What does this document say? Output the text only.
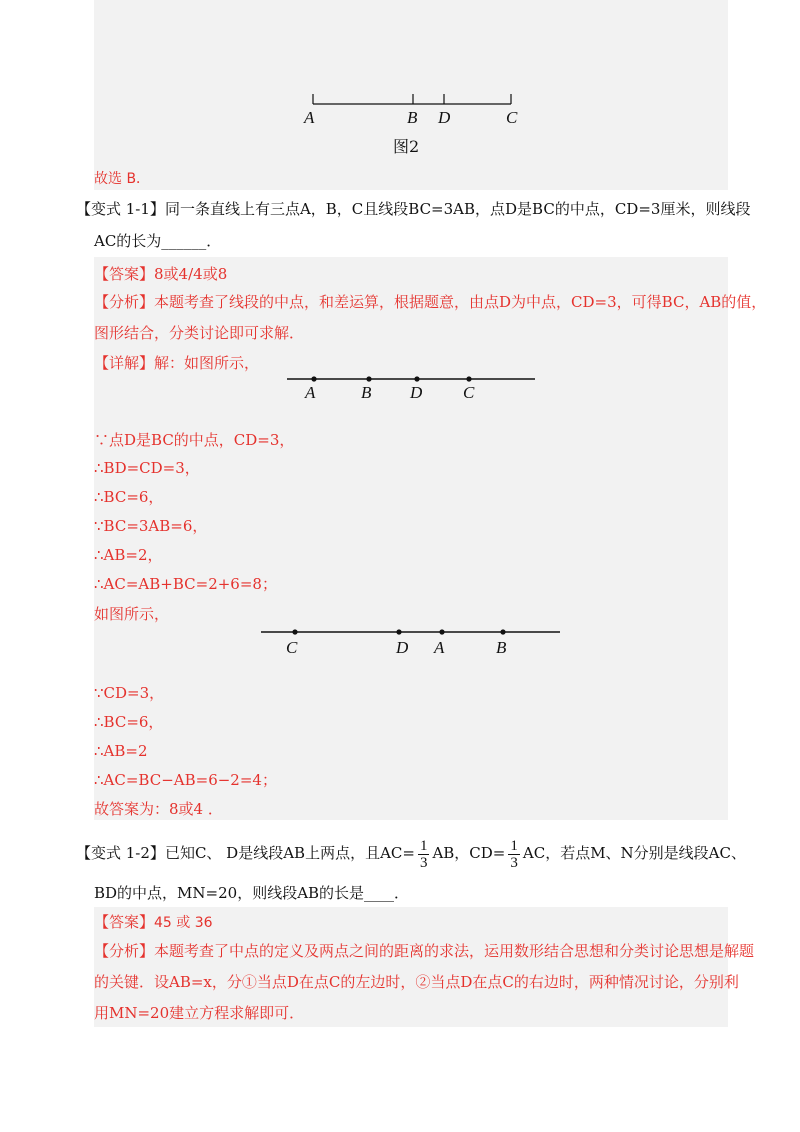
A	B D	C
图2
故选 B．
【变式 1-1】同一条直线上有三点A，B，C且线段BC=3AB，点D是BC的中点，CD=3厘米，则线段
AC的长为______．
【答案】8或4/4或8
【分析】本题考查了线段的中点，和差运算，根据题意，由点D为中点，CD=3，可得BC，AB的值，
图形结合，分类讨论即可求解．
【详解】解：如图所示，
A	B D C
∵点D是BC的中点，CD=3，
∴BD=CD=3，
∴BC=6，
∵BC=3AB=6，
∴AB=2，
∴AC=AB+BC=2+6=8；
如图所示，
C	D A	B
∵CD=3，
∴BC=6，
∴AB=2
∴AC=BC−AB=6−2=4；
故答案为：8或4 ．
【变式 1-2】已知C、 D是线段AB上两点，且$AC= \frac{1}{3}$ AB，$CD= \frac{1}{3}$ AC，若点M、N分别是线段AC、
BD的中点，MN=20，则线段AB的长是____．
【答案】45 或 36
【分析】本题考查了中点的定义及两点之间的距离的求法，运用数形结合思想和分类讨论思想是解题
的关键．设AB=x，分①当点D在点C的左边时，②当点D在点C的右边时，两种情况讨论，分别利
用MN=20建立方程求解即可．
